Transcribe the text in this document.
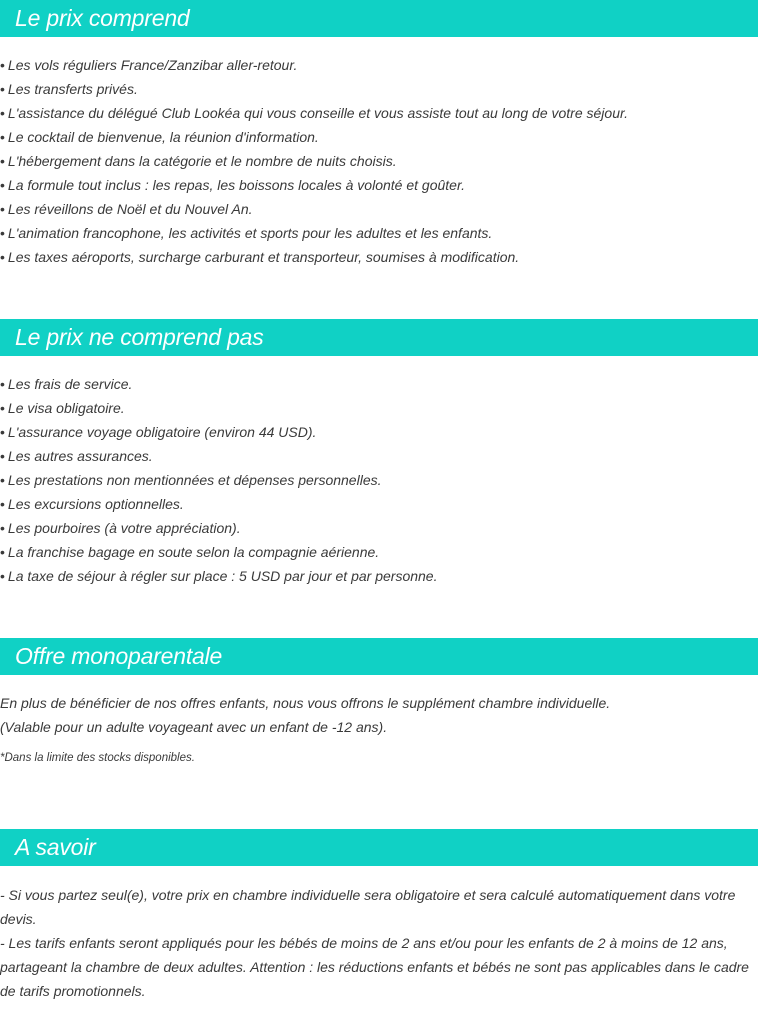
Le prix comprend
• Les vols réguliers France/Zanzibar aller-retour.
• Les transferts privés.
• L'assistance du délégué Club Lookéa qui vous conseille et vous assiste tout au long de votre séjour.
• Le cocktail de bienvenue, la réunion d'information.
• L'hébergement dans la catégorie et le nombre de nuits choisis.
• La formule tout inclus : les repas, les boissons locales à volonté et goûter.
• Les réveillons de Noël et du Nouvel An.
• L'animation francophone, les activités et sports pour les adultes et les enfants.
• Les taxes aéroports, surcharge carburant et transporteur, soumises à modification.
Le prix ne comprend pas
• Les frais de service.
• Le visa obligatoire.
• L'assurance voyage obligatoire (environ 44 USD).
• Les autres assurances.
• Les prestations non mentionnées et dépenses personnelles.
• Les excursions optionnelles.
• Les pourboires (à votre appréciation).
• La franchise bagage en soute selon la compagnie aérienne.
• La taxe de séjour à régler sur place : 5 USD par jour et par personne.
Offre monoparentale
En plus de bénéficier de nos offres enfants, nous vous offrons le supplément chambre individuelle.
(Valable pour un adulte voyageant avec un enfant de -12 ans).
*Dans la limite des stocks disponibles.
A savoir
- Si vous partez seul(e), votre prix en chambre individuelle sera obligatoire et sera calculé automatiquement dans votre devis.
- Les tarifs enfants seront appliqués pour les bébés de moins de 2 ans et/ou pour les enfants de 2 à moins de 12 ans, partageant la chambre de deux adultes. Attention : les réductions enfants et bébés ne sont pas applicables dans le cadre de tarifs promotionnels.
